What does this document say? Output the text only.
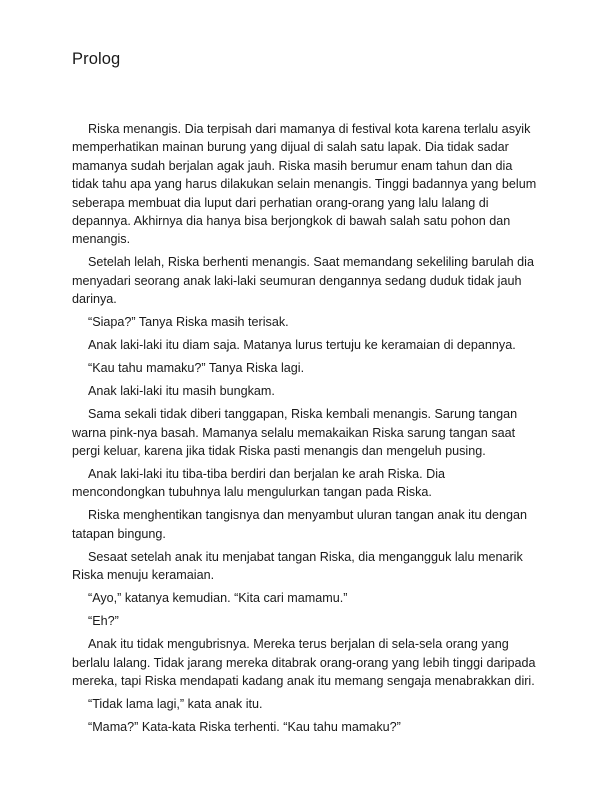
Prolog

Riska menangis. Dia terpisah dari mamanya di festival kota karena terlalu asyik memperhatikan mainan burung yang dijual di salah satu lapak. Dia tidak sadar mamanya sudah berjalan agak jauh. Riska masih berumur enam tahun dan dia tidak tahu apa yang harus dilakukan selain menangis. Tinggi badannya yang belum seberapa membuat dia luput dari perhatian orang-orang yang lalu lalang di depannya. Akhirnya dia hanya bisa berjongkok di bawah salah satu pohon dan menangis.

Setelah lelah, Riska berhenti menangis. Saat memandang sekeliling barulah dia menyadari seorang anak laki-laki seumuran dengannya sedang duduk tidak jauh darinya.

“Siapa?” Tanya Riska masih terisak.

Anak laki-laki itu diam saja. Matanya lurus tertuju ke keramaian di depannya.

“Kau tahu mamaku?” Tanya Riska lagi.

Anak laki-laki itu masih bungkam.

Sama sekali tidak diberi tanggapan, Riska kembali menangis. Sarung tangan warna pink-nya basah. Mamanya selalu memakaikan Riska sarung tangan saat pergi keluar, karena jika tidak Riska pasti menangis dan mengeluh pusing.

Anak laki-laki itu tiba-tiba berdiri dan berjalan ke arah Riska. Dia mencondongkan tubuhnya lalu mengulurkan tangan pada Riska.

Riska menghentikan tangisnya dan menyambut uluran tangan anak itu dengan tatapan bingung.

Sesaat setelah anak itu menjabat tangan Riska, dia mengangguk lalu menarik Riska menuju keramaian.

“Ayo,” katanya kemudian. “Kita cari mamamu.”

“Eh?”

Anak itu tidak mengubrisnya. Mereka terus berjalan di sela-sela orang yang berlalu lalang. Tidak jarang mereka ditabrak orang-orang yang lebih tinggi daripada mereka, tapi Riska mendapati kadang anak itu memang sengaja menabrakkan diri.

“Tidak lama lagi,” kata anak itu.

“Mama?” Kata-kata Riska terhenti. “Kau tahu mamaku?”
